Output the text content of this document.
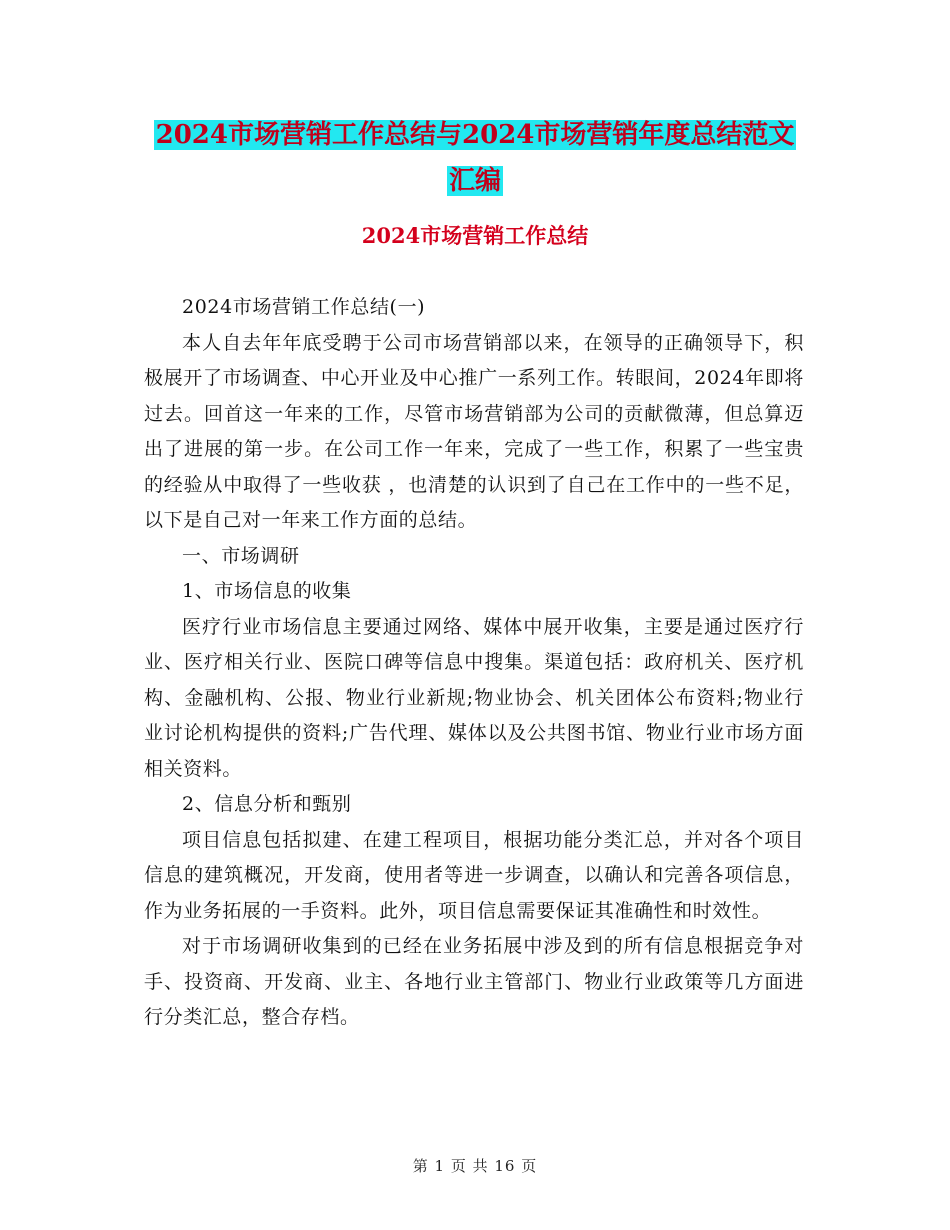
2024市场营销工作总结与2024市场营销年度总结范文
汇编
2024市场营销工作总结

2024市场营销工作总结(一)

本人自去年年底受聘于公司市场营销部以来，在领导的正确领导下，积极展开了市场调查、中心开业及中心推广一系列工作。转眼间，2024年即将过去。回首这一年来的工作，尽管市场营销部为公司的贡献微薄，但总算迈出了进展的第一步。在公司工作一年来，完成了一些工作，积累了一些宝贵的经验从中取得了一些收获 ，也清楚的认识到了自己在工作中的一些不足，以下是自己对一年来工作方面的总结。

一、市场调研

1、市场信息的收集

医疗行业市场信息主要通过网络、媒体中展开收集，主要是通过医疗行业、医疗相关行业、医院口碑等信息中搜集。渠道包括：政府机关、医疗机构、金融机构、公报、物业行业新规;物业协会、机关团体公布资料;物业行业讨论机构提供的资料;广告代理、媒体以及公共图书馆、物业行业市场方面相关资料。

2、信息分析和甄别

项目信息包括拟建、在建工程项目，根据功能分类汇总，并对各个项目信息的建筑概况，开发商，使用者等进一步调查，以确认和完善各项信息，作为业务拓展的一手资料。此外，项目信息需要保证其准确性和时效性。

对于市场调研收集到的已经在业务拓展中涉及到的所有信息根据竞争对手、投资商、开发商、业主、各地行业主管部门、物业行业政策等几方面进行分类汇总，整合存档。

第 1 页 共 16 页
